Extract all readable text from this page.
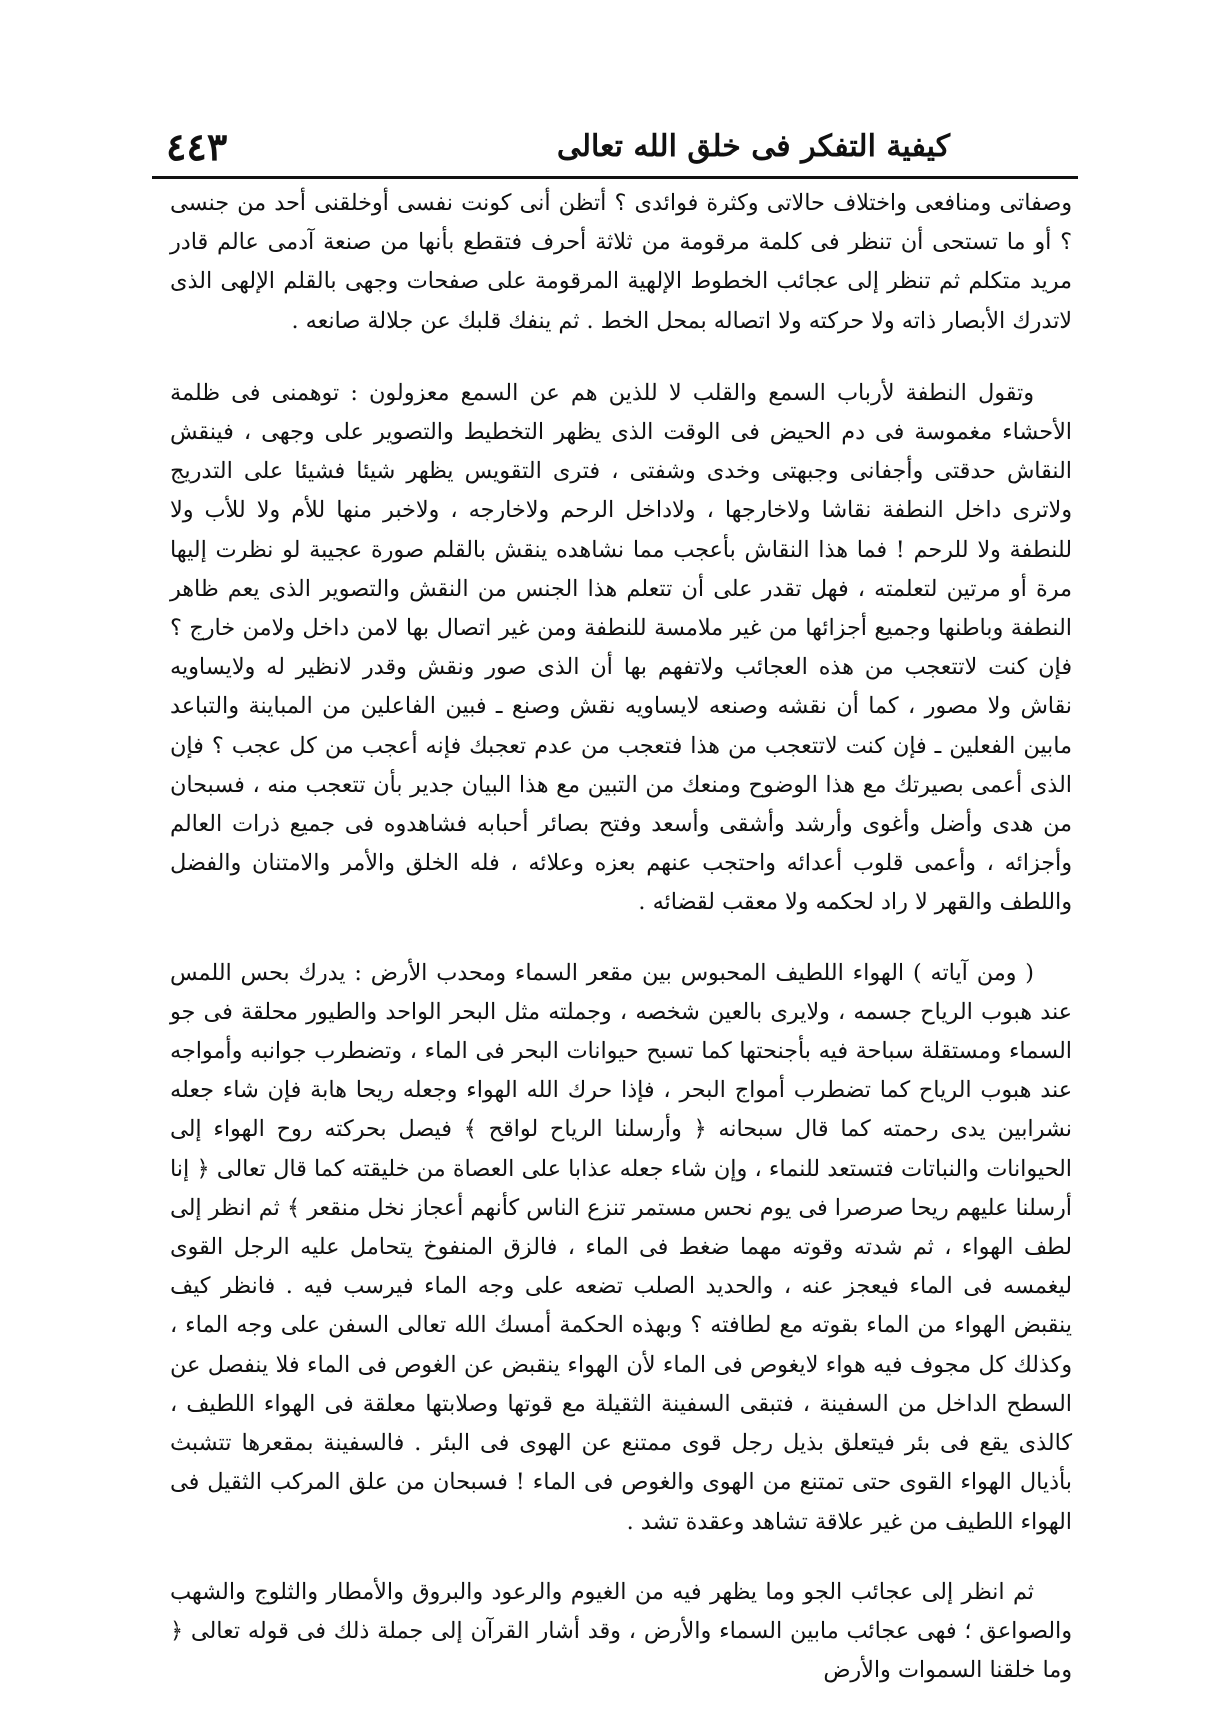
كيفية التفكر فى خلق الله تعالى
٤٤٣

وصفاتى ومنافعى واختلاف حالاتى وكثرة فوائدى ؟ أتظن أنى كونت نفسى أوخلقنى أحد من جنسى ؟ أو ما تستحى أن تنظر فى كلمة مرقومة من ثلاثة أحرف فتقطع بأنها من صنعة آدمى عالم قادر مريد متكلم ثم تنظر إلى عجائب الخطوط الإلهية المرقومة على صفحات وجهى بالقلم الإلهى الذى لاتدرك الأبصار ذاته ولا حركته ولا اتصاله بمحل الخط . ثم ينفك قلبك عن جلالة صانعه .

وتقول النطفة لأرباب السمع والقلب لا للذين هم عن السمع معزولون : توهمنى فى ظلمة الأحشاء مغموسة فى دم الحيض فى الوقت الذى يظهر التخطيط والتصوير على وجهى ، فينقش النقاش حدقتى وأجفانى وجبهتى وخدى وشفتى ، فترى التقويس يظهر شيئا فشيئا على التدريج ولاترى داخل النطفة نقاشا ولاخارجها ، ولاداخل الرحم ولاخارجه ، ولاخبر منها للأم ولا للأب ولا للنطفة ولا للرحم ! فما هذا النقاش بأعجب مما نشاهده ينقش بالقلم صورة عجيبة لو نظرت إليها مرة أو مرتين لتعلمته ، فهل تقدر على أن تتعلم هذا الجنس من النقش والتصوير الذى يعم ظاهر النطفة وباطنها وجميع أجزائها من غير ملامسة للنطفة ومن غير اتصال بها لامن داخل ولامن خارج ؟ فإن كنت لاتتعجب من هذه العجائب ولاتفهم بها أن الذى صور ونقش وقدر لانظير له ولايساويه نقاش ولا مصور ، كما أن نقشه وصنعه لايساويه نقش وصنع ـ فبين الفاعلين من المباينة والتباعد مابين الفعلين ـ فإن كنت لاتتعجب من هذا فتعجب من عدم تعجبك فإنه أعجب من كل عجب ؟ فإن الذى أعمى بصيرتك مع هذا الوضوح ومنعك من التبين مع هذا البيان جدير بأن تتعجب منه ، فسبحان من هدى وأضل وأغوى وأرشد وأشقى وأسعد وفتح بصائر أحبابه فشاهدوه فى جميع ذرات العالم وأجزائه ، وأعمى قلوب أعدائه واحتجب عنهم بعزه وعلائه ، فله الخلق والأمر والامتنان والفضل واللطف والقهر لا راد لحكمه ولا معقب لقضائه .

( ومن آياته ) الهواء اللطيف المحبوس بين مقعر السماء ومحدب الأرض : يدرك بحس اللمس عند هبوب الرياح جسمه ، ولايرى بالعين شخصه ، وجملته مثل البحر الواحد والطيور محلقة فى جو السماء ومستقلة سباحة فيه بأجنحتها كما تسبح حيوانات البحر فى الماء ، وتضطرب جوانبه وأمواجه عند هبوب الرياح كما تضطرب أمواج البحر ، فإذا حرك الله الهواء وجعله ريحا هابة فإن شاء جعله نشرابين يدى رحمته كما قال سبحانه ﴿ وأرسلنا الرياح لواقح ﴾ فيصل بحركته روح الهواء إلى الحيوانات والنباتات فتستعد للنماء ، وإن شاء جعله عذابا على العصاة من خليقته كما قال تعالى ﴿ إنا أرسلنا عليهم ريحا صرصرا فى يوم نحس مستمر تنزع الناس كأنهم أعجاز نخل منقعر ﴾ ثم انظر إلى لطف الهواء ، ثم شدته وقوته مهما ضغط فى الماء ، فالزق المنفوخ يتحامل عليه الرجل القوى ليغمسه فى الماء فيعجز عنه ، والحديد الصلب تضعه على وجه الماء فيرسب فيه . فانظر كيف ينقبض الهواء من الماء بقوته مع لطافته ؟ وبهذه الحكمة أمسك الله تعالى السفن على وجه الماء ، وكذلك كل مجوف فيه هواء لايغوص فى الماء لأن الهواء ينقبض عن الغوص فى الماء فلا ينفصل عن السطح الداخل من السفينة ، فتبقى السفينة الثقيلة مع قوتها وصلابتها معلقة فى الهواء اللطيف ، كالذى يقع فى بئر فيتعلق بذيل رجل قوى ممتنع عن الهوى فى البئر . فالسفينة بمقعرها تتشبث بأذيال الهواء القوى حتى تمتنع من الهوى والغوص فى الماء ! فسبحان من علق المركب الثقيل فى الهواء اللطيف من غير علاقة تشاهد وعقدة تشد .

ثم انظر إلى عجائب الجو وما يظهر فيه من الغيوم والرعود والبروق والأمطار والثلوج والشهب والصواعق ؛ فهى عجائب مابين السماء والأرض ، وقد أشار القرآن إلى جملة ذلك فى قوله تعالى ﴿ وما خلقنا السموات والأرض
